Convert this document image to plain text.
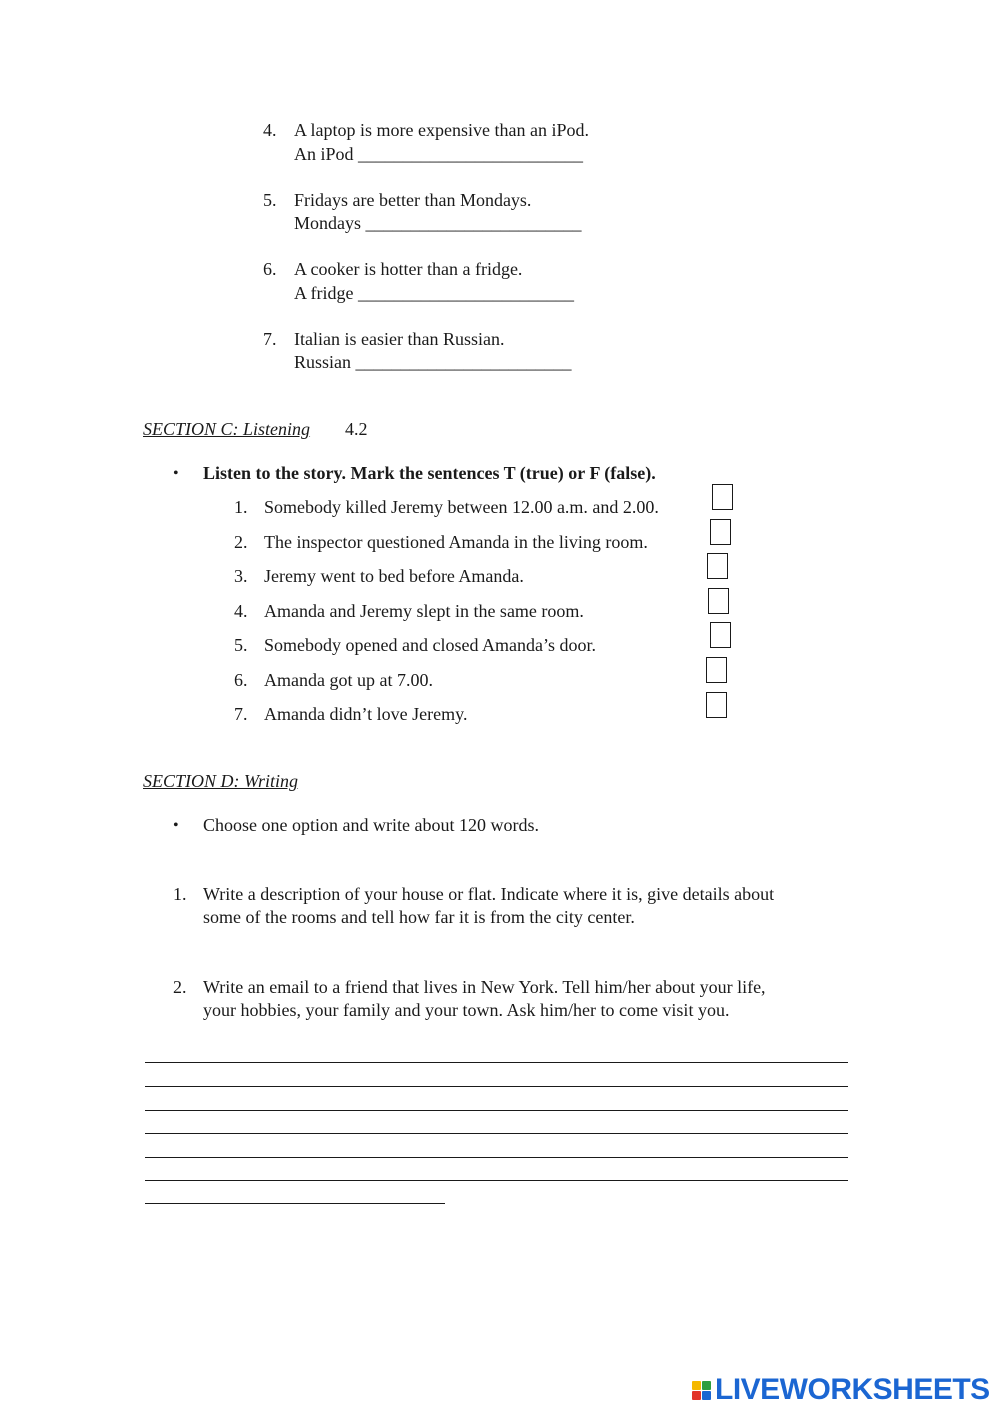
4. A laptop is more expensive than an iPod.
An iPod _________________________
5. Fridays are better than Mondays.
Mondays ________________________
6. A cooker is hotter than a fridge.
A fridge ________________________
7. Italian is easier than Russian.
Russian ________________________
SECTION C: Listening 4.2
• Listen to the story. Mark the sentences T (true) or F (false).
1. Somebody killed Jeremy between 12.00 a.m. and 2.00.
2. The inspector questioned Amanda in the living room.
3. Jeremy went to bed before Amanda.
4. Amanda and Jeremy slept in the same room.
5. Somebody opened and closed Amanda’s door.
6. Amanda got up at 7.00.
7. Amanda didn’t love Jeremy.
SECTION D: Writing
• Choose one option and write about 120 words.
1. Write a description of your house or flat. Indicate where it is, give details about
some of the rooms and tell how far it is from the city center.
2. Write an email to a friend that lives in New York. Tell him/her about your life,
your hobbies, your family and your town. Ask him/her to come visit you.
LIVEWORKSHEETS
